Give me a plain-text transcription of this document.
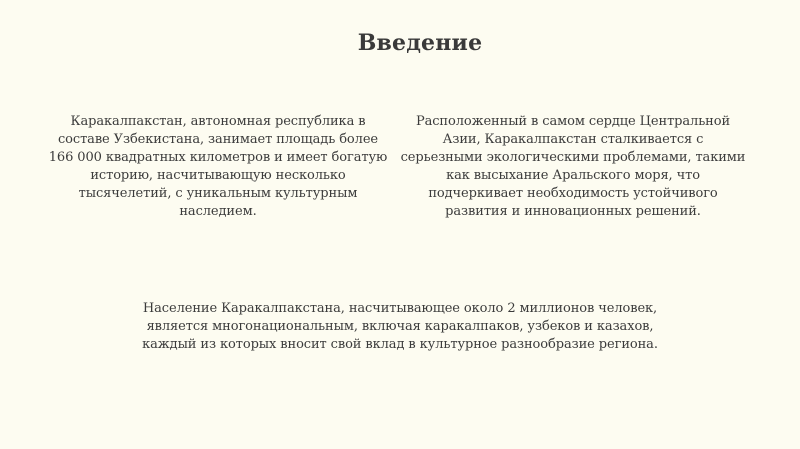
Введение
Каракалпакстан, автономная республика в составе Узбекистана, занимает площадь более 166 000 квадратных километров и имеет богатую историю, насчитывающую несколько тысячелетий, с уникальным культурным наследием.
Расположенный в самом сердце Центральной Азии, Каракалпакстан сталкивается с серьезными экологическими проблемами, такими как высыхание Аральского моря, что подчеркивает необходимость устойчивого развития и инновационных решений.
Население Каракалпакстана, насчитывающее около 2 миллионов человек, является многонациональным, включая каракалпаков, узбеков и казахов, каждый из которых вносит свой вклад в культурное разнообразие региона.
